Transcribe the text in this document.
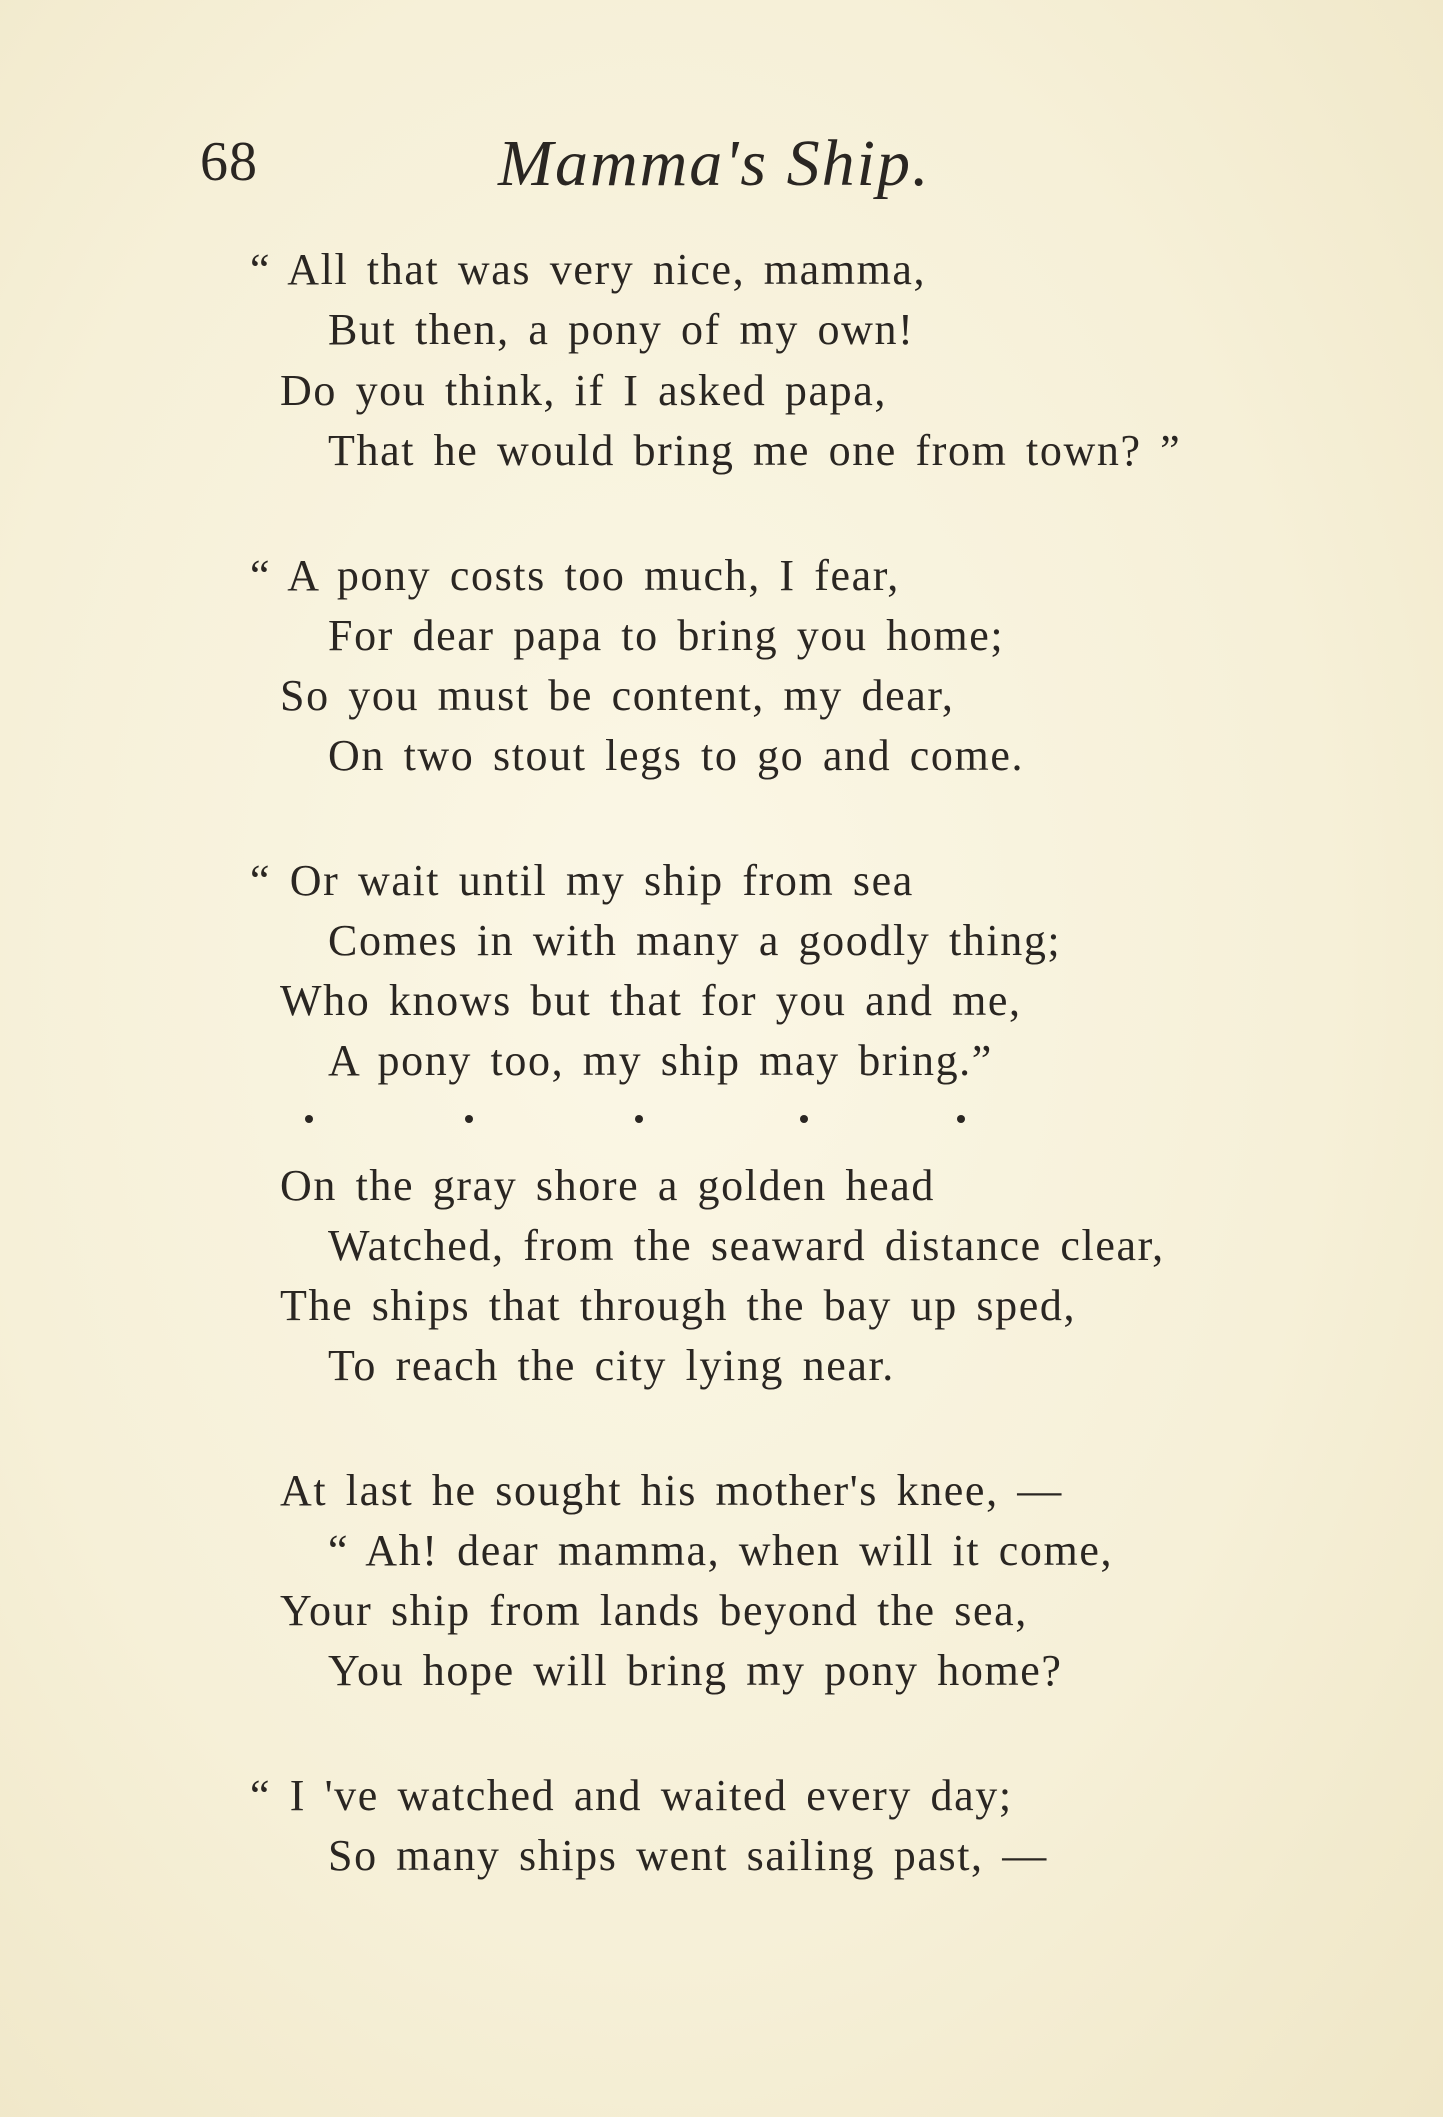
68	Mamma's Ship.
“ All that was very nice, mamma,
But then, a pony of my own!
Do you think, if I asked papa,
That he would bring me one from town? ”
“ A pony costs too much, I fear,
For dear papa to bring you home;
So you must be content, my dear,
On two stout legs to go and come.
“ Or wait until my ship from sea
Comes in with many a goodly thing;
Who knows but that for you and me,
A pony too, my ship may bring.”
On the gray shore a golden head
Watched, from the seaward distance clear,
The ships that through the bay up sped,
To reach the city lying near.
At last he sought his mother's knee, —
“ Ah! dear mamma, when will it come,
Your ship from lands beyond the sea,
You hope will bring my pony home?
“ I 've watched and waited every day;
So many ships went sailing past, —
